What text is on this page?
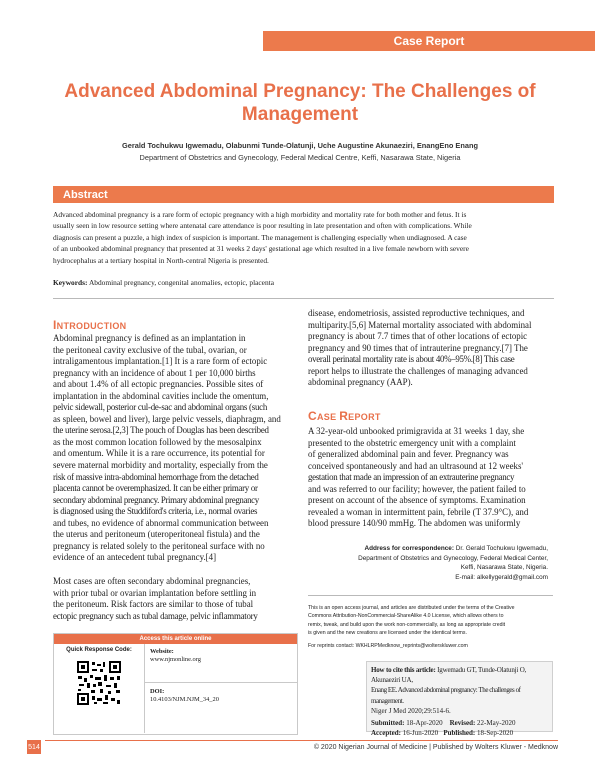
Case Report
Advanced Abdominal Pregnancy: The Challenges of
Management
Gerald Tochukwu Igwemadu, Olabunmi Tunde-Olatunji, Uche Augustine Akunaeziri, EnangEno Enang
Department of Obstetrics and Gynecology, Federal Medical Centre, Keffi, Nasarawa State, Nigeria
Abstract
Advanced abdominal pregnancy is a rare form of ectopic pregnancy with a high morbidity and mortality rate for both mother and fetus. It is
usually seen in low resource setting where antenatal care attendance is poor resulting in late presentation and often with complications. While
diagnosis can present a puzzle, a high index of suspicion is important. The management is challenging especially when undiagnosed. A case
of an unbooked abdominal pregnancy that presented at 31 weeks 2 days' gestational age which resulted in a live female newborn with severe
hydrocephalus at a tertiary hospital in North-central Nigeria is presented.
Keywords: Abdominal pregnancy, congenital anomalies, ectopic, placenta
INTRODUCTION
Abdominal pregnancy is defined as an implantation in
the peritoneal cavity exclusive of the tubal, ovarian, or
intraligamentous implantation.[1] It is a rare form of ectopic
pregnancy with an incidence of about 1 per 10,000 births
and about 1.4% of all ectopic pregnancies. Possible sites of
implantation in the abdominal cavities include the omentum,
pelvic sidewall, posterior cul-de-sac and abdominal organs (such
as spleen, bowel and liver), large pelvic vessels, diaphragm, and
the uterine serosa.[2,3] The pouch of Douglas has been described
as the most common location followed by the mesosalpinx
and omentum. While it is a rare occurrence, its potential for
severe maternal morbidity and mortality, especially from the
risk of massive intra-abdominal hemorrhage from the detached
placenta cannot be overemphasized. It can be either primary or
secondary abdominal pregnancy. Primary abdominal pregnancy
is diagnosed using the Studdiford's criteria, i.e., normal ovaries
and tubes, no evidence of abnormal communication between
the uterus and peritoneum (uteroperitoneal fistula) and the
pregnancy is related solely to the peritoneal surface with no
evidence of an antecedent tubal pregnancy.[4]
Most cases are often secondary abdominal pregnancies,
with prior tubal or ovarian implantation before settling in
the peritoneum. Risk factors are similar to those of tubal
ectopic pregnancy such as tubal damage, pelvic inflammatory
Access this article online
Quick Response Code:	Website:
www.njmonline.org
DOI:
10.4103/NJM.NJM_34_20
disease, endometriosis, assisted reproductive techniques, and
multiparity.[5,6] Maternal mortality associated with abdominal
pregnancy is about 7.7 times that of other locations of ectopic
pregnancy and 90 times that of intrauterine pregnancy.[7] The
overall perinatal mortality rate is about 40%–95%.[8] This case
report helps to illustrate the challenges of managing advanced
abdominal pregnancy (AAP).
CASE REPORT
A 32-year-old unbooked primigravida at 31 weeks 1 day, she
presented to the obstetric emergency unit with a complaint
of generalized abdominal pain and fever. Pregnancy was
conceived spontaneously and had an ultrasound at 12 weeks'
gestation that made an impression of an extrauterine pregnancy
and was referred to our facility; however, the patient failed to
present on account of the absence of symptoms. Examination
revealed a woman in intermittent pain, febrile (T 37.9°C), and
blood pressure 140/90 mmHg. The abdomen was uniformly
Address for correspondence: Dr. Gerald Tochukwu Igwemadu,
Department of Obstetrics and Gynecology, Federal Medical Center,
Keffi, Nasarawa State, Nigeria.
E-mail: alkellygerald@gmail.com
This is an open access journal, and articles are distributed under the terms of the Creative
Commons Attribution-NonCommercial-ShareAlike 4.0 License, which allows others to
remix, tweak, and build upon the work non-commercially, as long as appropriate credit
is given and the new creations are licensed under the identical terms.
For reprints contact: WKHLRPMedknow_reprints@wolterskluwer.com
How to cite this article: Igwemadu GT, Tunde-Olatunji O, Akunaeziri UA,
Enang EE. Advanced abdominal pregnancy: The challenges of management.
Niger J Med 2020;29:514-6.
Submitted: 18-Apr-2020 Revised: 22-May-2020
Accepted: 16-Jun-2020 Published: 18-Sep-2020
514	© 2020 Nigerian Journal of Medicine | Published by Wolters Kluwer - Medknow
